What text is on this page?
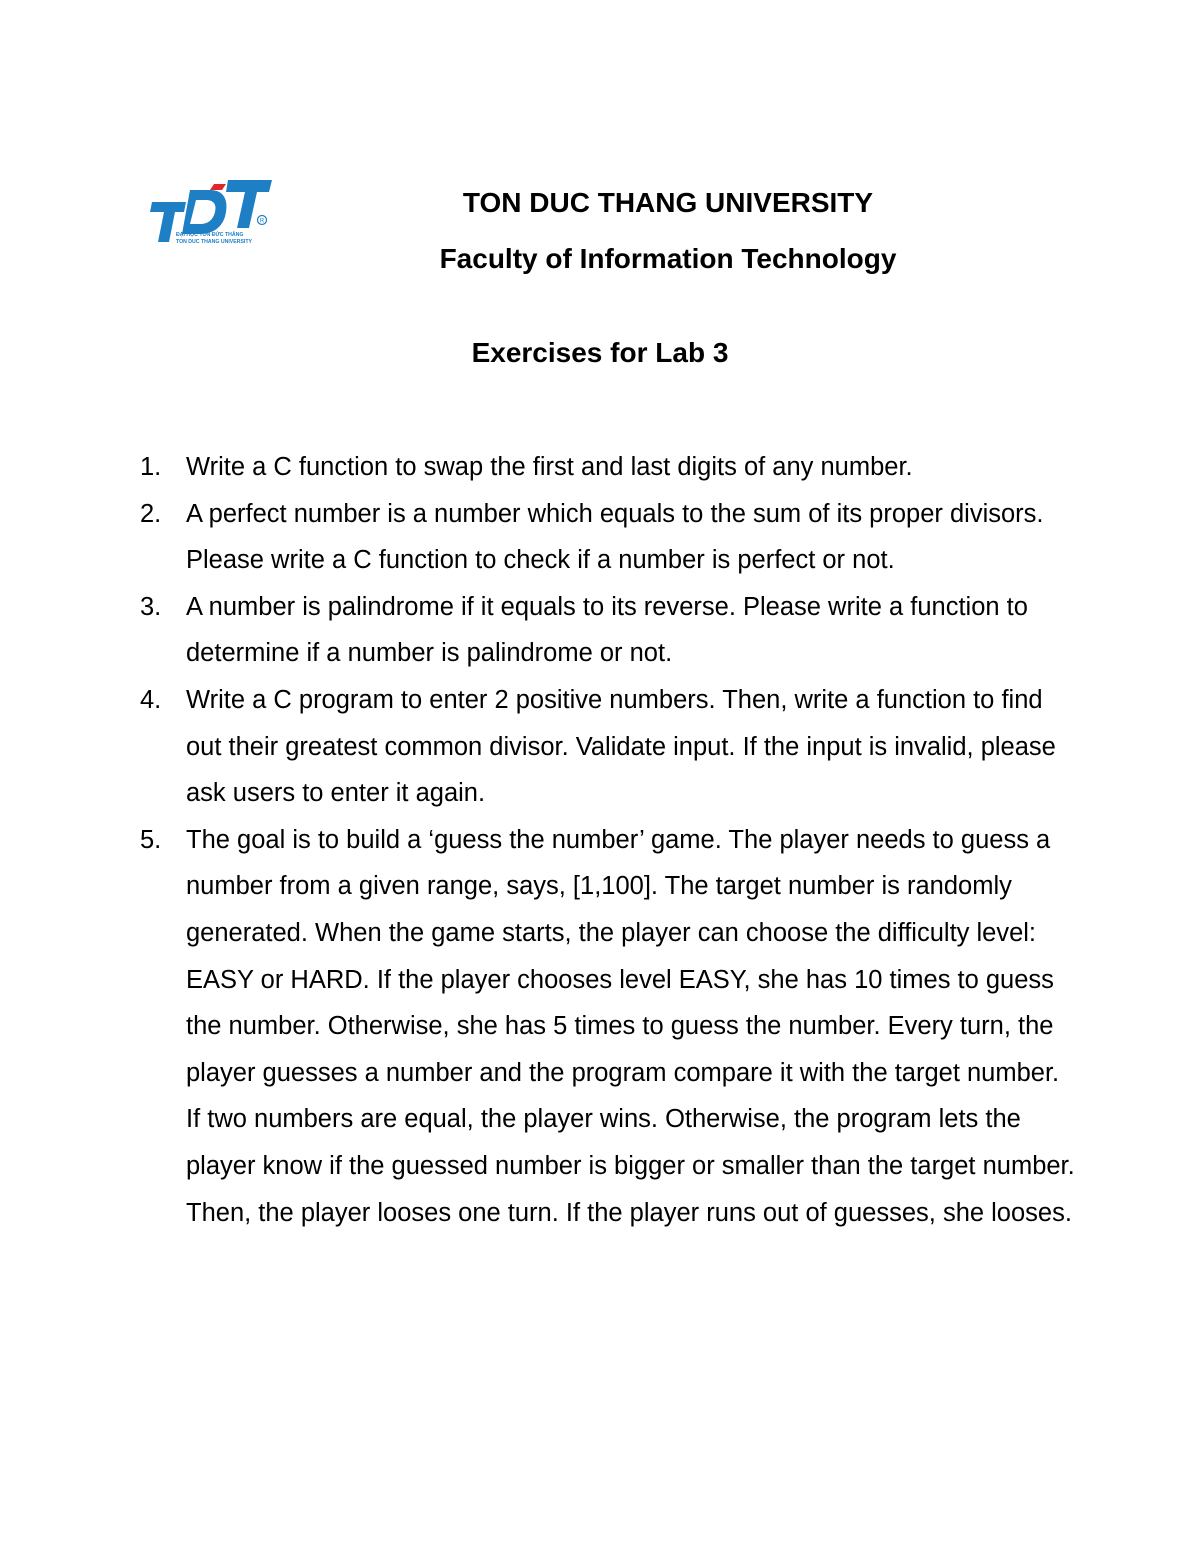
R
ĐẠI HỌC TÔN ĐỨC THẮNG
TON DUC THANG UNIVERSITY
TON DUC THANG UNIVERSITY
Faculty of Information Technology
Exercises for Lab 3
1. Write a C function to swap the first and last digits of any number.
2. A perfect number is a number which equals to the sum of its proper divisors. Please write a C function to check if a number is perfect or not.
3. A number is palindrome if it equals to its reverse. Please write a function to determine if a number is palindrome or not.
4. Write a C program to enter 2 positive numbers. Then, write a function to find out their greatest common divisor. Validate input. If the input is invalid, please ask users to enter it again.
5. The goal is to build a ‘guess the number’ game. The player needs to guess a number from a given range, says, [1,100]. The target number is randomly generated. When the game starts, the player can choose the difficulty level: EASY or HARD. If the player chooses level EASY, she has 10 times to guess the number. Otherwise, she has 5 times to guess the number. Every turn, the player guesses a number and the program compare it with the target number. If two numbers are equal, the player wins. Otherwise, the program lets the player know if the guessed number is bigger or smaller than the target number. Then, the player looses one turn. If the player runs out of guesses, she looses.
